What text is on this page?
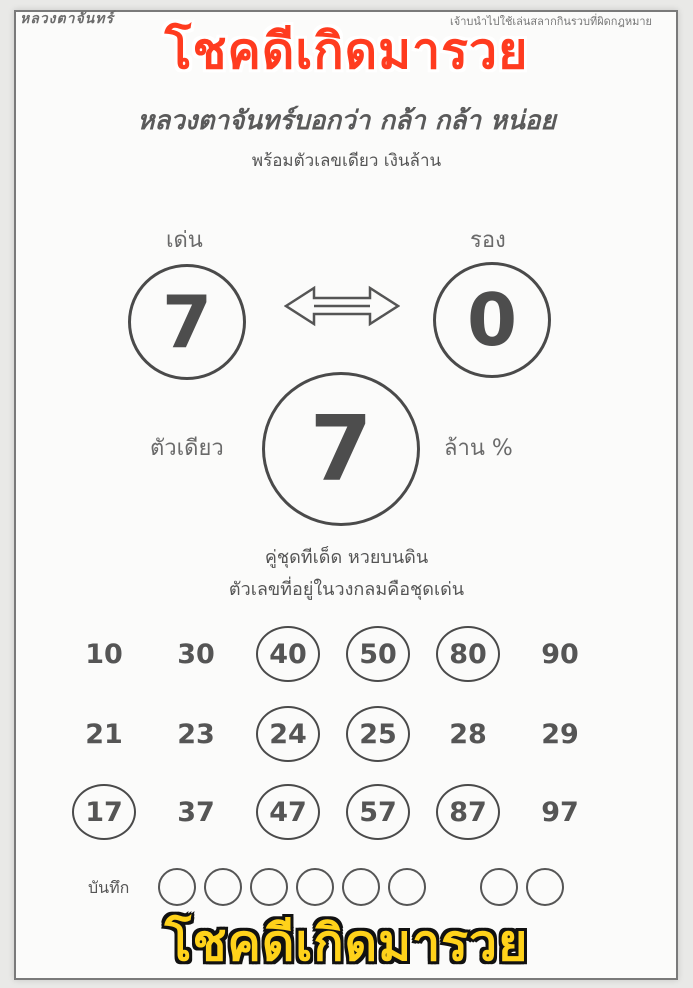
หลวงตาจันทร์	เจ้าบนำไปใช้เล่นสลากกินรวบที่ผิดกฎหมาย
โชคดีเกิดมารวย
หลวงตาจันทร์บอกว่า กล้า กล้า หน่อย
พร้อมตัวเลขเดียว เงินล้าน
เด่น	รอง
7	0
ตัวเดียว 7	ล้าน %
คู่ชุดทีเด็ด หวยบนดิน
ตัวเลขที่อยู่ในวงกลมคือชุดเด่น
10	30	40	50	80	90
21	23	24	25	28	29
17	37	47	57	87	97
บันทึก
โชคดีเกิดมารวย
